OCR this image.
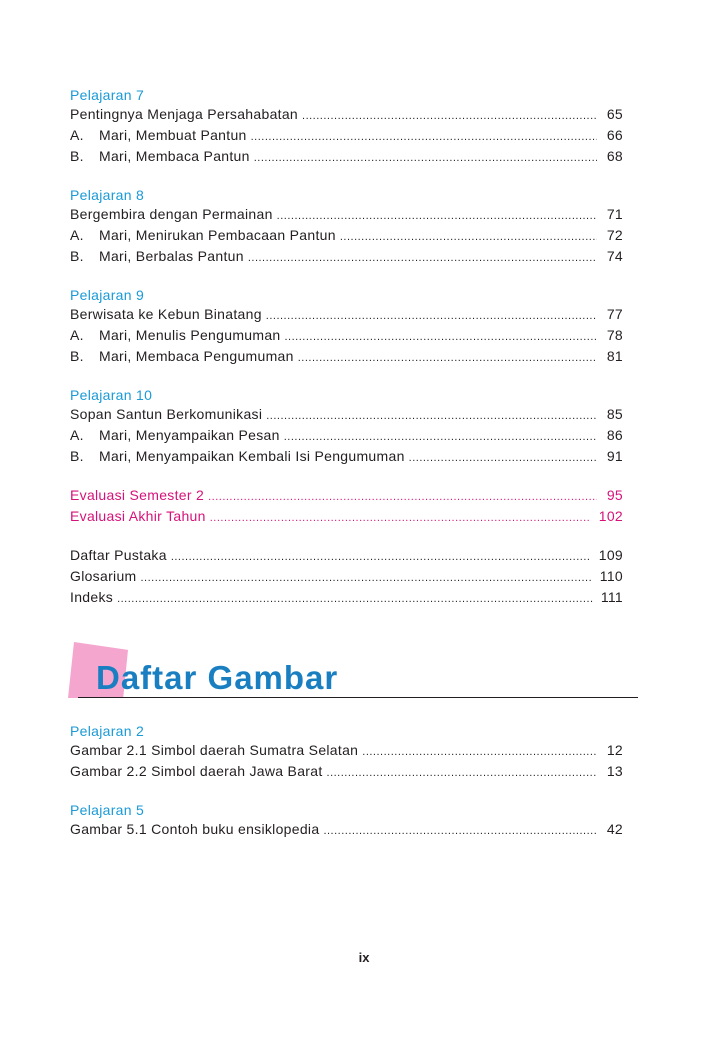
Pelajaran 7
Pentingnya Menjaga Persahabatan .....	65
A.	Mari, Membuat Pantun .....	66
B.	Mari, Membaca Pantun .....	68
Pelajaran 8
Bergembira dengan Permainan .....	71
A.	Mari, Menirukan Pembacaan Pantun .....	72
B.	Mari, Berbalas Pantun .....	74
Pelajaran 9
Berwisata ke Kebun Binatang .....	77
A.	Mari, Menulis Pengumuman .....	78
B.	Mari, Membaca Pengumuman .....	81
Pelajaran 10
Sopan Santun Berkomunikasi .....	85
A.	Mari, Menyampaikan Pesan .....	86
B.	Mari, Menyampaikan Kembali Isi Pengumuman .....	91
Evaluasi Semester 2 .....	95
Evaluasi Akhir Tahun .....	102
Daftar Pustaka .....	109
Glosarium .....	110
Indeks .....	111
Daftar Gambar
Pelajaran 2
Gambar 2.1 Simbol daerah Sumatra Selatan .....	12
Gambar 2.2 Simbol daerah Jawa Barat .....	13
Pelajaran 5
Gambar 5.1 Contoh buku ensiklopedia .....	42
ix
